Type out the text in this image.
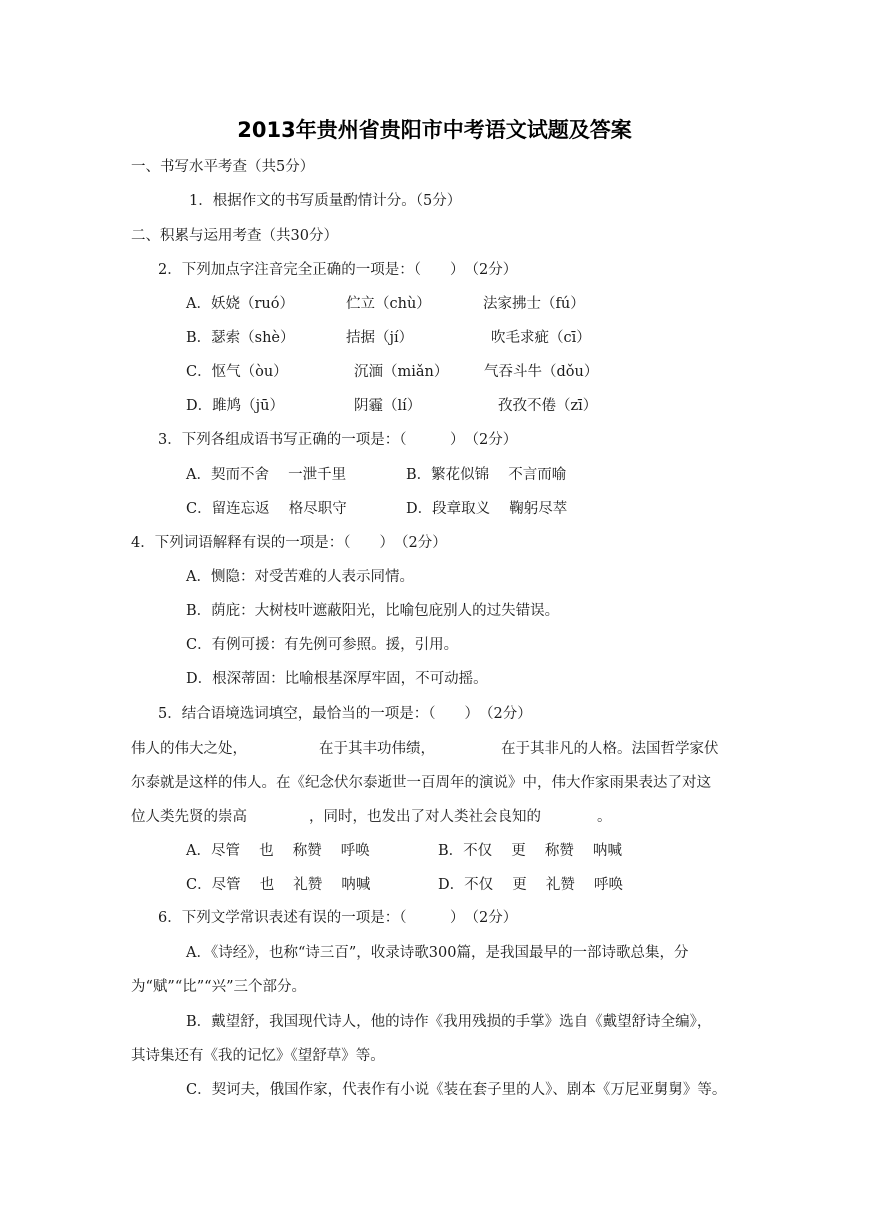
2013年贵州省贵阳市中考语文试题及答案
一、书写水平考查（共5分）
1．根据作文的书写质量酌情计分。（5分）
二、积累与运用考查（共30分）
2．下列加点字注音完全正确的一项是：（　　）　（2分）
A．妖娆（ruó）	伫立（chù）	法家拂士（fú）
B．瑟索（shè）	拮据（jí）	吹毛求疵（cī）
C．怄气（òu）	沉湎（miǎn） 气吞斗牛（dǒu）
D．雎鸠（jū）	阴霾（lí）	孜孜不倦（zī）
3．下列各组成语书写正确的一项是：（　　　）　（2分）
A．契而不舍　 一泄千里	B．繁花似锦　 不言而喻
C．留连忘返　 格尽职守	D．段章取义　 鞠躬尽萃
4．下列词语解释有误的一项是：（　　）　（2分）
A．恻隐：对受苦难的人表示同情。
B．荫庇：大树枝叶遮蔽阳光，比喻包庇别人的过失错误。
C．有例可援：有先例可参照。援，引用。
D．根深蒂固：比喻根基深厚牢固，不可动摇。
5．结合语境选词填空，最恰当的一项是：（　　）　（2分）
伟人的伟大之处，	在于其丰功伟绩，	在于其非凡的人格。法国哲学家伏
尔泰就是这样的伟人。在《纪念伏尔泰逝世一百周年的演说》中，伟大作家雨果表达了对这
位人类先贤的崇高	，同时，也发出了对人类社会良知的	。
A．尽管　 也　 称赞　 呼唤	B．不仅　 更　 称赞　 呐喊
C．尽管　 也　 礼赞　 呐喊	D．不仅　 更　 礼赞　 呼唤
6．下列文学常识表述有误的一项是：（　　　）　（2分）
A．《诗经》，也称“诗三百”，收录诗歌300篇，是我国最早的一部诗歌总集，分
为“赋”“比”“兴”三个部分。
B．戴望舒，我国现代诗人，他的诗作《我用残损的手掌》选自《戴望舒诗全编》，
其诗集还有《我的记忆》《望舒草》等。
C．契诃夫，俄国作家，代表作有小说《装在套子里的人》、剧本《万尼亚舅舅》等。
